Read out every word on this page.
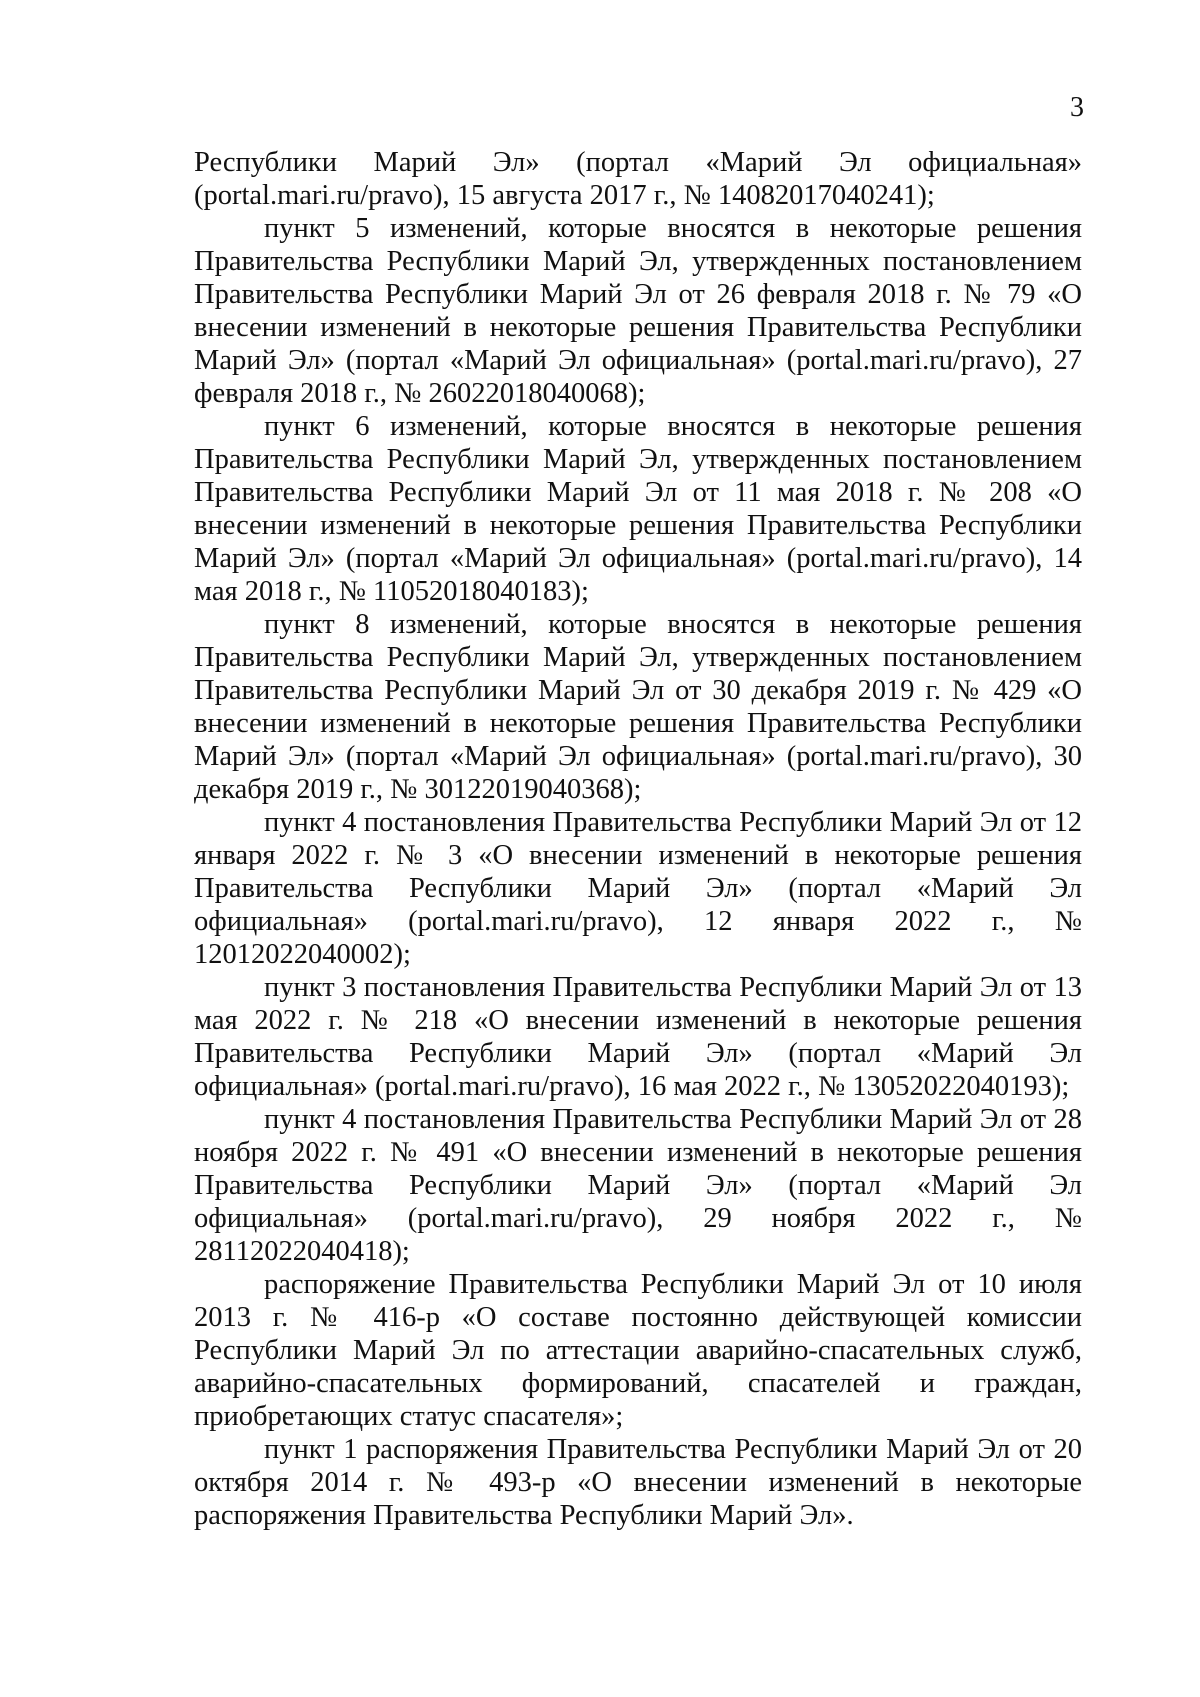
3

Республики Марий Эл» (портал «Марий Эл официальная» (portal.mari.ru/pravo), 15 августа 2017 г., № 14082017040241);

пункт 5 изменений, которые вносятся в некоторые решения Правительства Республики Марий Эл, утвержденных постановлением Правительства Республики Марий Эл от 26 февраля 2018 г. № 79 «О внесении изменений в некоторые решения Правительства Республики Марий Эл» (портал «Марий Эл официальная» (portal.mari.ru/pravo), 27 февраля 2018 г., № 26022018040068);

пункт 6 изменений, которые вносятся в некоторые решения Правительства Республики Марий Эл, утвержденных постановлением Правительства Республики Марий Эл от 11 мая 2018 г. № 208 «О внесении изменений в некоторые решения Правительства Республики Марий Эл» (портал «Марий Эл официальная» (portal.mari.ru/pravo), 14 мая 2018 г., № 11052018040183);

пункт 8 изменений, которые вносятся в некоторые решения Правительства Республики Марий Эл, утвержденных постановлением Правительства Республики Марий Эл от 30 декабря 2019 г. № 429 «О внесении изменений в некоторые решения Правительства Республики Марий Эл» (портал «Марий Эл официальная» (portal.mari.ru/pravo), 30 декабря 2019 г., № 30122019040368);

пункт 4 постановления Правительства Республики Марий Эл от 12 января 2022 г. № 3 «О внесении изменений в некоторые решения Правительства Республики Марий Эл» (портал «Марий Эл официальная» (portal.mari.ru/pravo), 12 января 2022 г., № 12012022040002);

пункт 3 постановления Правительства Республики Марий Эл от 13 мая 2022 г. № 218 «О внесении изменений в некоторые решения Правительства Республики Марий Эл» (портал «Марий Эл официальная» (portal.mari.ru/pravo), 16 мая 2022 г., № 13052022040193);

пункт 4 постановления Правительства Республики Марий Эл от 28 ноября 2022 г. № 491 «О внесении изменений в некоторые решения Правительства Республики Марий Эл» (портал «Марий Эл официальная» (portal.mari.ru/pravo), 29 ноября 2022 г., № 28112022040418);

распоряжение Правительства Республики Марий Эл от 10 июля 2013 г. № 416-р «О составе постоянно действующей комиссии Республики Марий Эл по аттестации аварийно-спасательных служб, аварийно-спасательных формирований, спасателей и граждан, приобретающих статус спасателя»;

пункт 1 распоряжения Правительства Республики Марий Эл от 20 октября 2014 г. № 493-р «О внесении изменений в некоторые распоряжения Правительства Республики Марий Эл».
